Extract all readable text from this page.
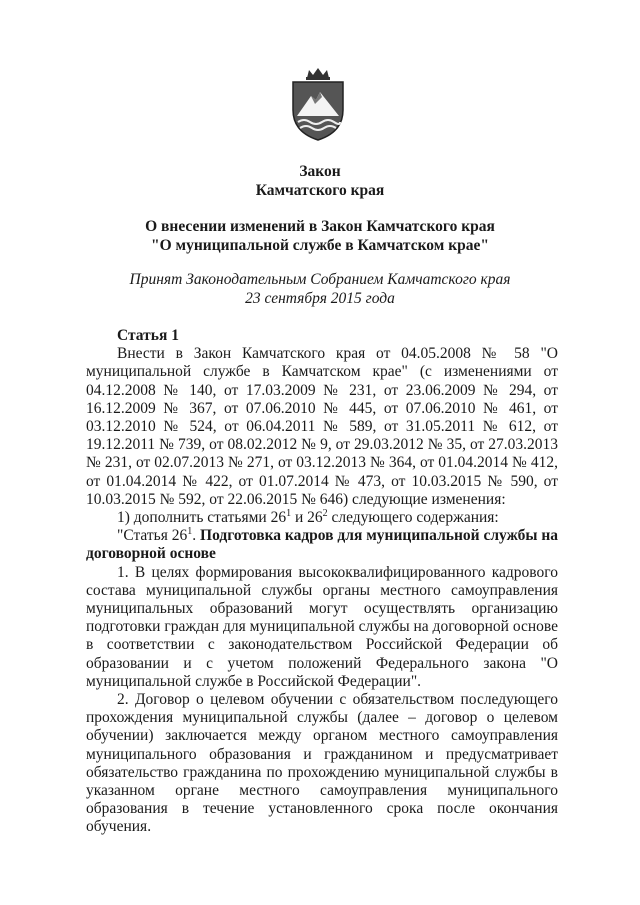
Закон
Камчатского края
О внесении изменений в Закон Камчатского края
"О муниципальной службе в Камчатском крае"
Принят Законодательным Собранием Камчатского края
23 сентября 2015 года

Статья 1

Внести в Закон Камчатского края от 04.05.2008 № 58 "О муниципальной службе в Камчатском крае" (с изменениями от 04.12.2008 № 140, от 17.03.2009 № 231, от 23.06.2009 № 294, от 16.12.2009 № 367, от 07.06.2010 № 445, от 07.06.2010 № 461, от 03.12.2010 № 524, от 06.04.2011 № 589, от 31.05.2011 № 612, от 19.12.2011 № 739, от 08.02.2012 № 9, от 29.03.2012 № 35, от 27.03.2013 № 231, от 02.07.2013 № 271, от 03.12.2013 № 364, от 01.04.2014 № 412, от 01.04.2014 № 422, от 01.07.2014 № 473, от 10.03.2015 № 590, от 10.03.2015 № 592, от 22.06.2015 № 646) следующие изменения:

1) дополнить статьями $26^1$ и $26^2$ следующего содержания:

"Статья $26^1$. Подготовка кадров для муниципальной службы на договорной основе

1. В целях формирования высококвалифицированного кадрового состава муниципальной службы органы местного самоуправления муниципальных образований могут осуществлять организацию подготовки граждан для муниципальной службы на договорной основе в соответствии с законодательством Российской Федерации об образовании и с учетом положений Федерального закона "О муниципальной службе в Российской Федерации".

2. Договор о целевом обучении с обязательством последующего прохождения муниципальной службы (далее – договор о целевом обучении) заключается между органом местного самоуправления муниципального образования и гражданином и предусматривает обязательство гражданина по прохождению муниципальной службы в указанном органе местного самоуправления муниципального образования в течение установленного срока после окончания обучения.
